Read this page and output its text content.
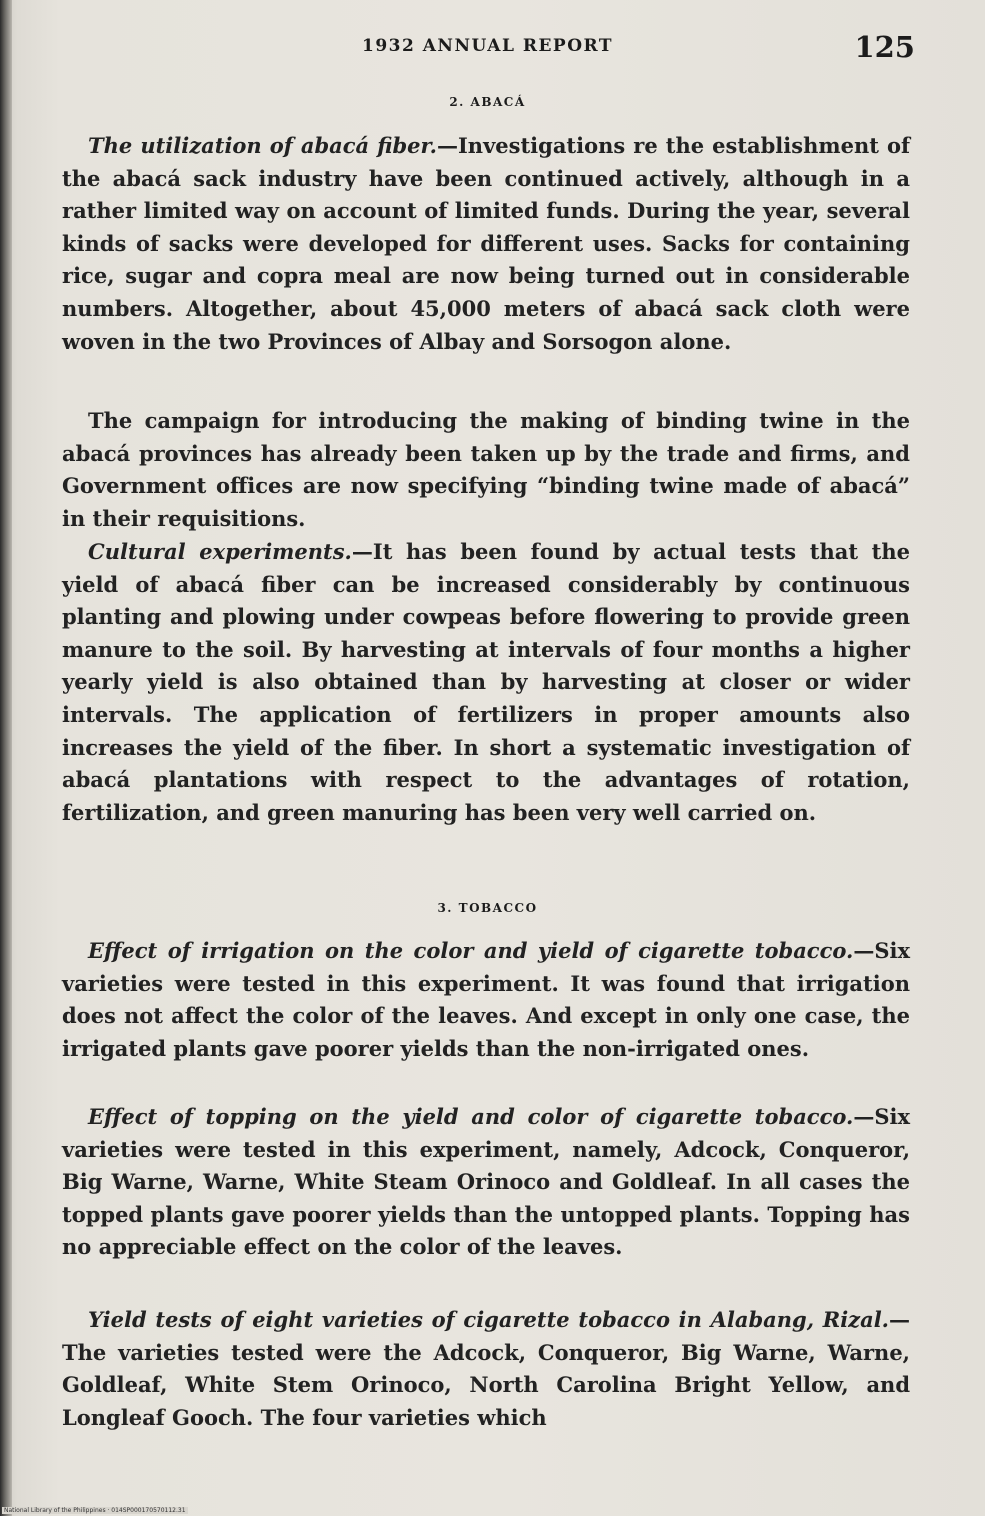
1932 ANNUAL REPORT	125
2. ABACÁ

The utilization of abacá fiber.—Investigations re the establishment of the abacá sack industry have been continued actively, although in a rather limited way on account of limited funds. During the year, several kinds of sacks were developed for different uses. Sacks for containing rice, sugar and copra meal are now being turned out in considerable numbers. Altogether, about 45,000 meters of abacá sack cloth were woven in the two Provinces of Albay and Sorsogon alone.

The campaign for introducing the making of binding twine in the abacá provinces has already been taken up by the trade and firms, and Government offices are now specifying “binding twine made of abacá” in their requisitions.

Cultural experiments.—It has been found by actual tests that the yield of abacá fiber can be increased considerably by continuous planting and plowing under cowpeas before flowering to provide green manure to the soil. By harvesting at intervals of four months a higher yearly yield is also obtained than by harvesting at closer or wider intervals. The application of fertilizers in proper amounts also increases the yield of the fiber. In short a systematic investigation of abacá plantations with respect to the advantages of rotation, fertilization, and green manuring has been very well carried on.

3. TOBACCO

Effect of irrigation on the color and yield of cigarette tobacco.—Six varieties were tested in this experiment. It was found that irrigation does not affect the color of the leaves. And except in only one case, the irrigated plants gave poorer yields than the non-irrigated ones.

Effect of topping on the yield and color of cigarette tobacco.—Six varieties were tested in this experiment, namely, Adcock, Conqueror, Big Warne, Warne, White Steam Orinoco and Goldleaf. In all cases the topped plants gave poorer yields than the untopped plants. Topping has no appreciable effect on the color of the leaves.

Yield tests of eight varieties of cigarette tobacco in Alabang, Rizal.—The varieties tested were the Adcock, Conqueror, Big Warne, Warne, Goldleaf, White Stem Orinoco, North Carolina Bright Yellow, and Longleaf Gooch. The four varieties which

National Library of the Philippines · 014SP000170570112.31
